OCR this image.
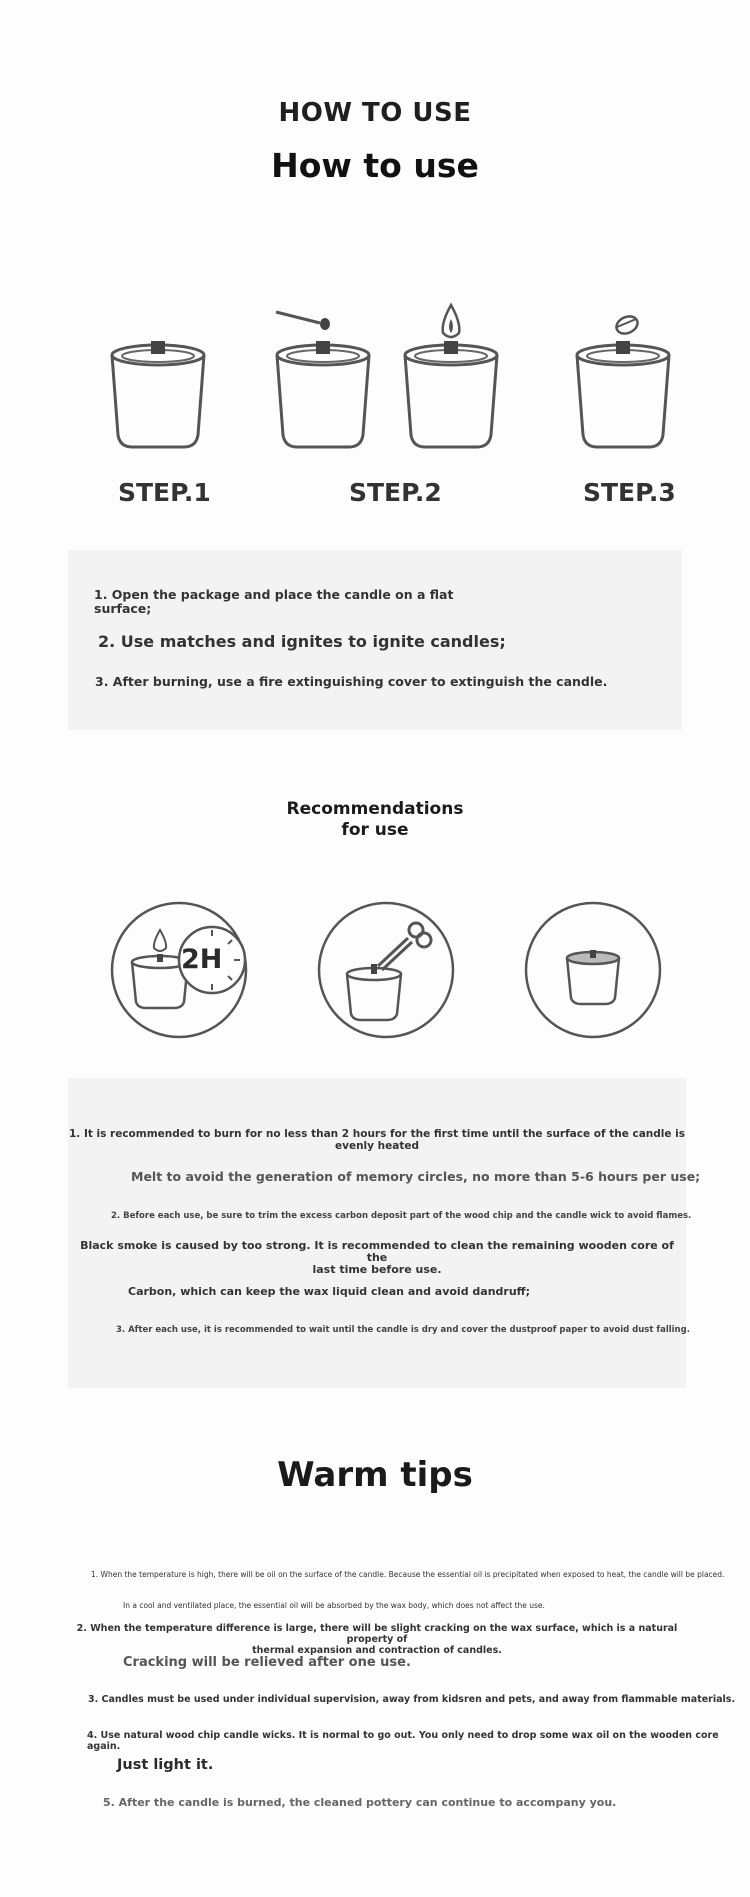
HOW TO USE
How to use
STEP.1	STEP.2	STEP.3
1. Open the package and place the candle on a flat
surface;
2. Use matches and ignites to ignite candles;
3. After burning, use a fire extinguishing cover to extinguish the candle.
Recommendations
for use
2H
1. It is recommended to burn for no less than 2 hours for the first time until the surface of the candle is
evenly heated
Melt to avoid the generation of memory circles, no more than 5-6 hours per use;
2. Before each use, be sure to trim the excess carbon deposit part of the wood chip and the candle wick to avoid flames.
Black smoke is caused by too strong. It is recommended to clean the remaining wooden core of the
last time before use.
Carbon, which can keep the wax liquid clean and avoid dandruff;
3. After each use, it is recommended to wait until the candle is dry and cover the dustproof paper to avoid dust falling.
Warm tips
1. When the temperature is high, there will be oil on the surface of the candle. Because the essential oil is precipitated when exposed to heat, the candle will be placed.
In a cool and ventilated place, the essential oil will be absorbed by the wax body, which does not affect the use.
2. When the temperature difference is large, there will be slight cracking on the wax surface, which is a natural property of
thermal expansion and contraction of candles.
Cracking will be relieved after one use.
3. Candles must be used under individual supervision, away from kidsren and pets, and away from flammable materials.
4. Use natural wood chip candle wicks. It is normal to go out. You only need to drop some wax oil on the wooden core again.
Just light it.
5. After the candle is burned, the cleaned pottery can continue to accompany you.
